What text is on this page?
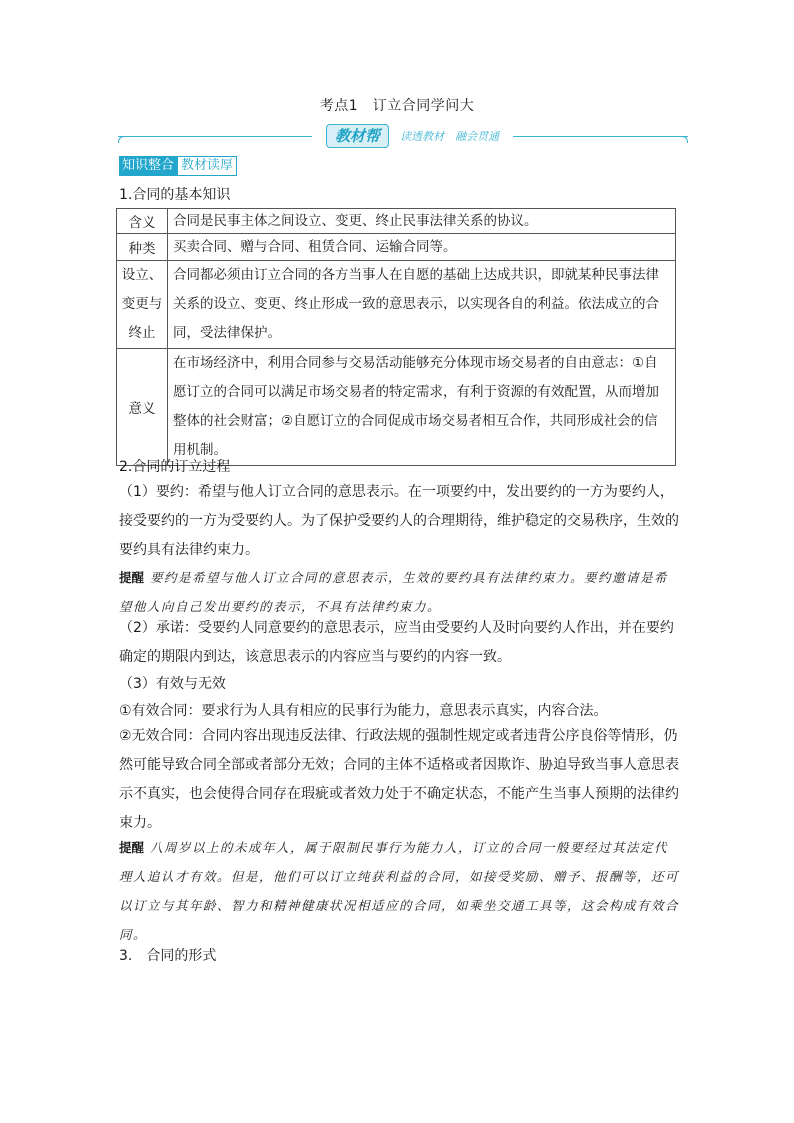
考点1　订立合同学问大
教材帮 读透教材　融会贯通
知识整合 教材读厚
1.合同的基本知识
含义	合同是民事主体之间设立、变更、终止民事法律关系的协议。
种类	买卖合同、赠与合同、租赁合同、运输合同等。
设立、变更与终止	合同都必须由订立合同的各方当事人在自愿的基础上达成共识，即就某种民事法律关系的设立、变更、终止形成一致的意思表示，以实现各自的利益。依法成立的合同，受法律保护。
意义	在市场经济中，利用合同参与交易活动能够充分体现市场交易者的自由意志：①自愿订立的合同可以满足市场交易者的特定需求，有利于资源的有效配置，从而增加整体的社会财富；②自愿订立的合同促成市场交易者相互合作，共同形成社会的信用机制。
2.合同的订立过程
（1）要约：希望与他人订立合同的意思表示。在一项要约中，发出要约的一方为要约人，接受要约的一方为受要约人。为了保护受要约人的合理期待，维护稳定的交易秩序，生效的要约具有法律约束力。
提醒 要约是希望与他人订立合同的意思表示，生效的要约具有法律约束力。要约邀请是希望他人向自己发出要约的表示，不具有法律约束力。
（2）承诺：受要约人同意要约的意思表示，应当由受要约人及时向要约人作出，并在要约确定的期限内到达，该意思表示的内容应当与要约的内容一致。
（3）有效与无效
①有效合同：要求行为人具有相应的民事行为能力，意思表示真实，内容合法。
②无效合同：合同内容出现违反法律、行政法规的强制性规定或者违背公序良俗等情形，仍然可能导致合同全部或者部分无效；合同的主体不适格或者因欺诈、胁迫导致当事人意思表示不真实，也会使得合同存在瑕疵或者效力处于不确定状态，不能产生当事人预期的法律约束力。
提醒 八周岁以上的未成年人，属于限制民事行为能力人，订立的合同一般要经过其法定代理人追认才有效。但是，他们可以订立纯获利益的合同，如接受奖励、赠予、报酬等，还可以订立与其年龄、智力和精神健康状况相适应的合同，如乘坐交通工具等，这会构成有效合同。
3.　合同的形式
